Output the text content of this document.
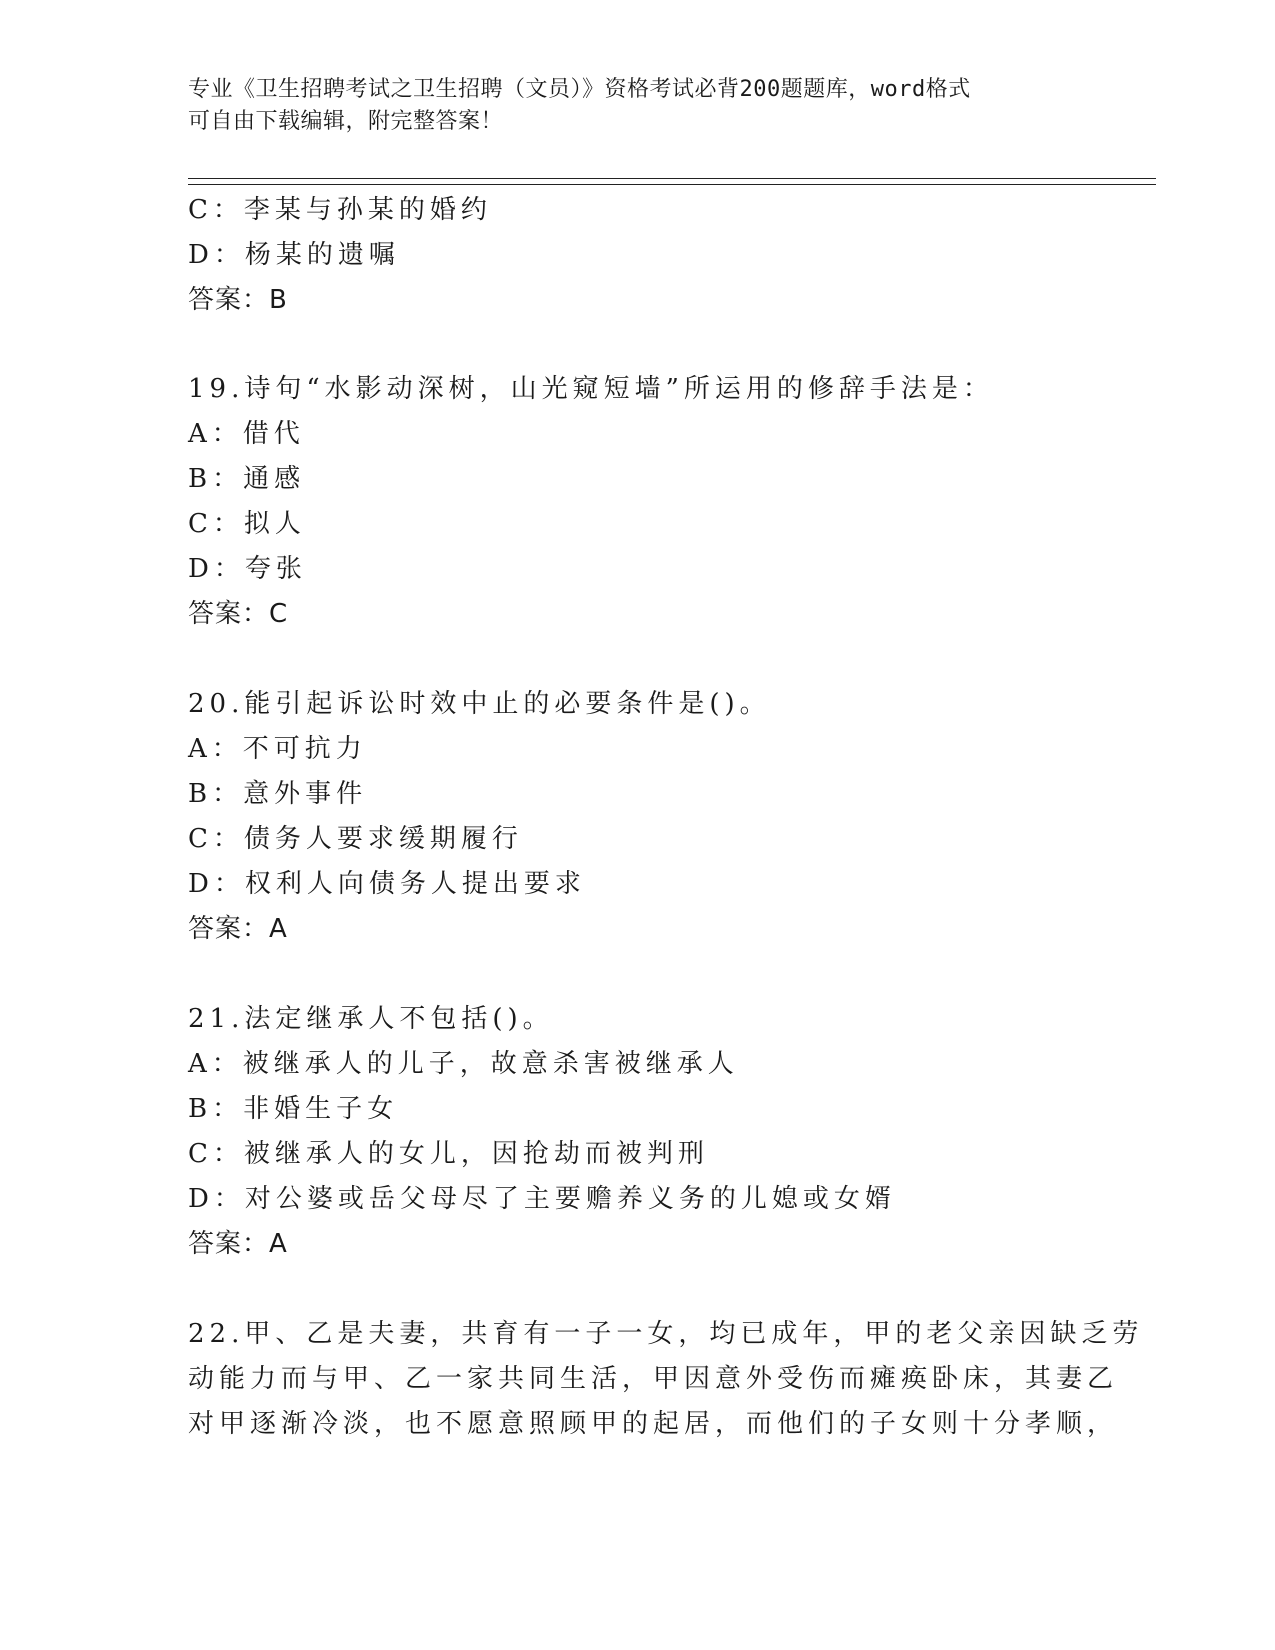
专业《卫生招聘考试之卫生招聘（文员）》资格考试必背200题题库，word格式
可自由下载编辑，附完整答案！
C：李某与孙某的婚约
D：杨某的遗嘱
答案：B
19.诗句“水影动深树，山光窥短墙”所运用的修辞手法是：
A：借代
B：通感
C：拟人
D：夸张
答案：C
20.能引起诉讼时效中止的必要条件是()。
A：不可抗力
B：意外事件
C：债务人要求缓期履行
D：权利人向债务人提出要求
答案：A
21.法定继承人不包括()。
A：被继承人的儿子，故意杀害被继承人
B：非婚生子女
C：被继承人的女儿，因抢劫而被判刑
D：对公婆或岳父母尽了主要赡养义务的儿媳或女婿
答案：A
22.甲、乙是夫妻，共育有一子一女，均已成年，甲的老父亲因缺乏劳
动能力而与甲、乙一家共同生活，甲因意外受伤而瘫痪卧床，其妻乙
对甲逐渐冷淡，也不愿意照顾甲的起居，而他们的子女则十分孝顺，
